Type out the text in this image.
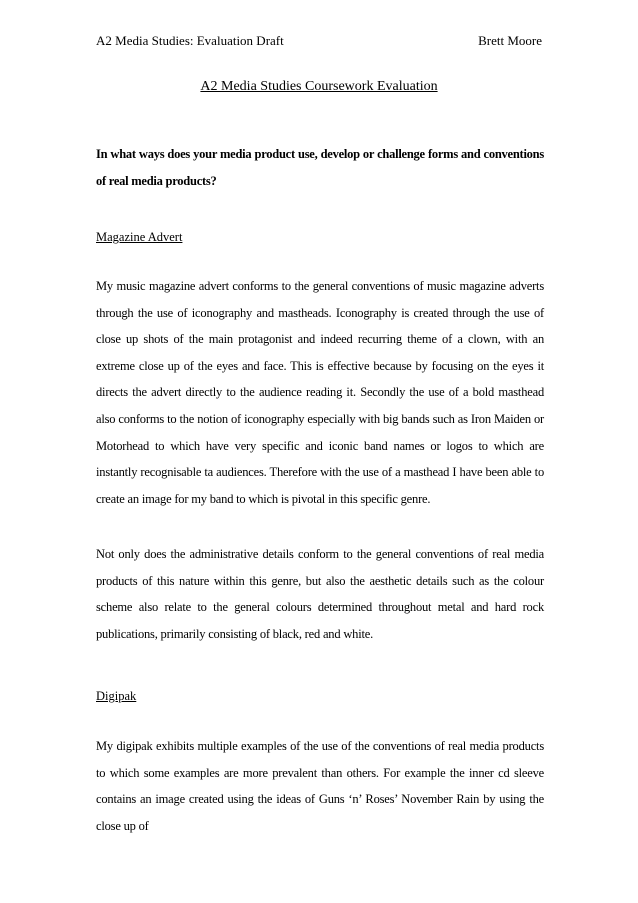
A2 Media Studies: Evaluation Draft	Brett Moore
A2 Media Studies Coursework Evaluation
In what ways does your media product use, develop or challenge forms and conventions of real media products?
Magazine Advert
My music magazine advert conforms to the general conventions of music magazine adverts through the use of iconography and mastheads. Iconography is created through the use of close up shots of the main protagonist and indeed recurring theme of a clown, with an extreme close up of the eyes and face. This is effective because by focusing on the eyes it directs the advert directly to the audience reading it. Secondly the use of a bold masthead also conforms to the notion of iconography especially with big bands such as Iron Maiden or Motorhead to which have very specific and iconic band names or logos to which are instantly recognisable ta audiences. Therefore with the use of a masthead I have been able to create an image for my band to which is pivotal in this specific genre.
Not only does the administrative details conform to the general conventions of real media products of this nature within this genre, but also the aesthetic details such as the colour scheme also relate to the general colours determined throughout metal and hard rock publications, primarily consisting of black, red and white.
Digipak
My digipak exhibits multiple examples of the use of the conventions of real media products to which some examples are more prevalent than others. For example the inner cd sleeve contains an image created using the ideas of Guns ‘n’ Roses’ November Rain by using the close up of
